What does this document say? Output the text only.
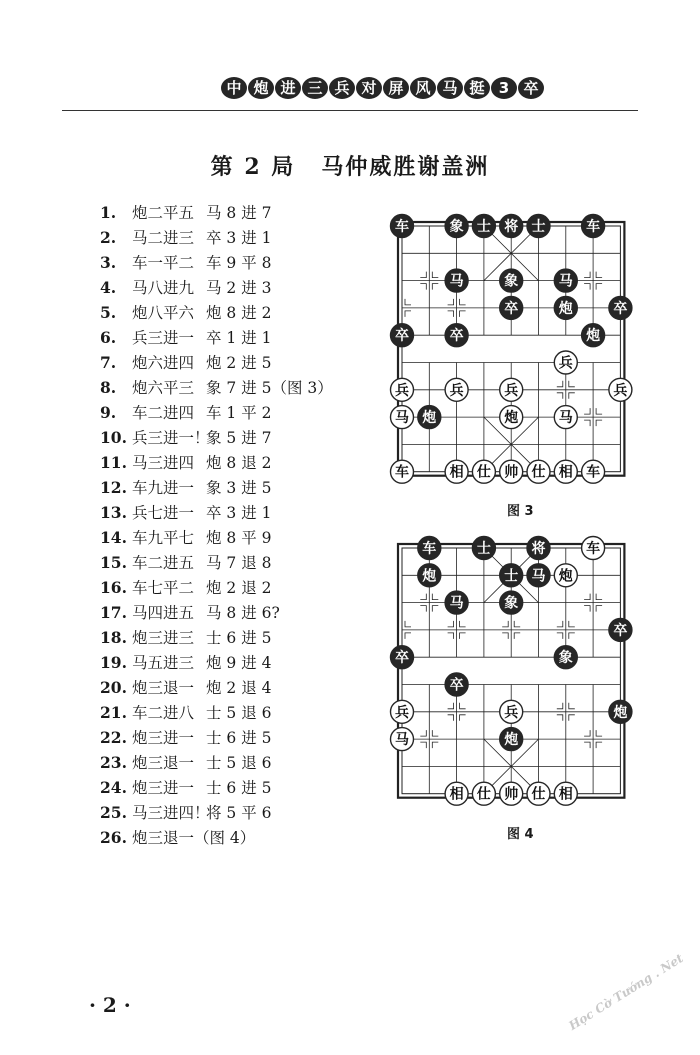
中 炮 进 三 兵 对 屏 风 马 挺 3 卒
第 2 局 马仲威胜谢盖洲
1. 炮二平五 马 8 进 7
2. 马二进三 卒 3 进 1
3. 车一平二 车 9 平 8
4. 马八进九 马 2 进 3
5. 炮八平六 炮 8 进 2
6. 兵三进一 卒 1 进 1
7. 炮六进四 炮 2 进 5
8. 炮六平三 象 7 进 5（图 3）
9. 车二进四 车 1 平 2
10. 兵三进一！象 5 进 7
11. 马三进四 炮 8 退 2
12. 车九进一 象 3 进 5
13. 兵七进一 卒 3 进 1
14. 车九平七 炮 8 平 9
15. 车二进五 马 7 退 8
16. 车七平二 炮 2 退 2
17. 马四进五 马 8 进 6?
18. 炮三进三 士 6 进 5
19. 马五进三 炮 9 进 4
20. 炮三退一 炮 2 退 4
21. 车二进八 士 5 退 6
22. 炮三进一 士 6 进 5
23. 炮三退一 士 5 退 6
24. 炮三进一 士 6 进 5
25. 马三进四！将 5 平 6
26. 炮三退一（图 4）
车	象 士 将 士	车
马	象	马
卒	炮	卒
卒	卒	炮
兵
兵	兵	兵	兵
马 炮	炮	马
车	相 仕 帅 仕 相 车
图 3
车	士	将	车
炮	士 马 炮
马	象
卒
卒	象
卒
兵	兵	炮
马	炮
相 仕 帅 仕 相
图 4
· 2 ·	Học Cờ Tướng . Net
